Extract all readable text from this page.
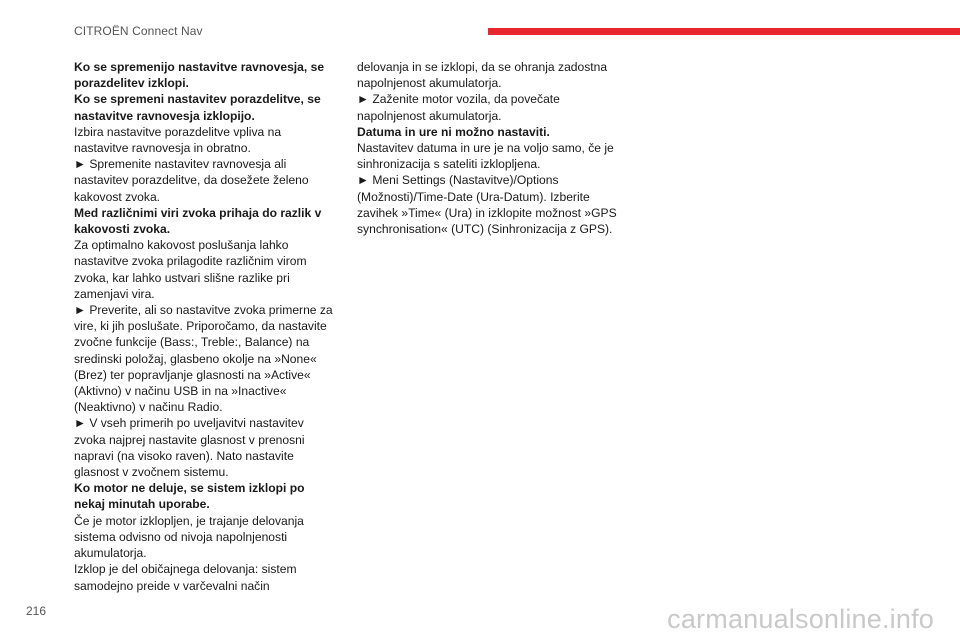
CITROËN Connect Nav
Ko se spremenijo nastavitve ravnovesja, se
porazdelitev izklopi.
Ko se spremeni nastavitev porazdelitve, se
nastavitve ravnovesja izklopijo.
Izbira nastavitve porazdelitve vpliva na
nastavitve ravnovesja in obratno.
► Spremenite nastavitev ravnovesja ali
nastavitev porazdelitve, da dosežete želeno
kakovost zvoka.
Med različnimi viri zvoka prihaja do razlik v
kakovosti zvoka.
Za optimalno kakovost poslušanja lahko
nastavitve zvoka prilagodite različnim virom
zvoka, kar lahko ustvari slišne razlike pri
zamenjavi vira.
► Preverite, ali so nastavitve zvoka primerne za
vire, ki jih poslušate. Priporočamo, da nastavite
zvočne funkcije (Bass:, Treble:, Balance) na
sredinski položaj, glasbeno okolje na »None«
(Brez) ter popravljanje glasnosti na »Active«
(Aktivno) v načinu USB in na »Inactive«
(Neaktivno) v načinu Radio.
► V vseh primerih po uveljavitvi nastavitev
zvoka najprej nastavite glasnost v prenosni
napravi (na visoko raven). Nato nastavite
glasnost v zvočnem sistemu.
Ko motor ne deluje, se sistem izklopi po
nekaj minutah uporabe.
Če je motor izklopljen, je trajanje delovanja
sistema odvisno od nivoja napolnjenosti
akumulatorja.
Izklop je del običajnega delovanja: sistem
samodejno preide v varčevalni način
delovanja in se izklopi, da se ohranja zadostna
napolnjenost akumulatorja.
► Zaženite motor vozila, da povečate
napolnjenost akumulatorja.
Datuma in ure ni možno nastaviti.
Nastavitev datuma in ure je na voljo samo, če je
sinhronizacija s sateliti izklopljena.
► Meni Settings (Nastavitve)/Options
(Možnosti)/Time-Date (Ura-Datum). Izberite
zavihek »Time« (Ura) in izklopite možnost »GPS
synchronisation« (UTC) (Sinhronizacija z GPS).
216	carmanualsonline.info
